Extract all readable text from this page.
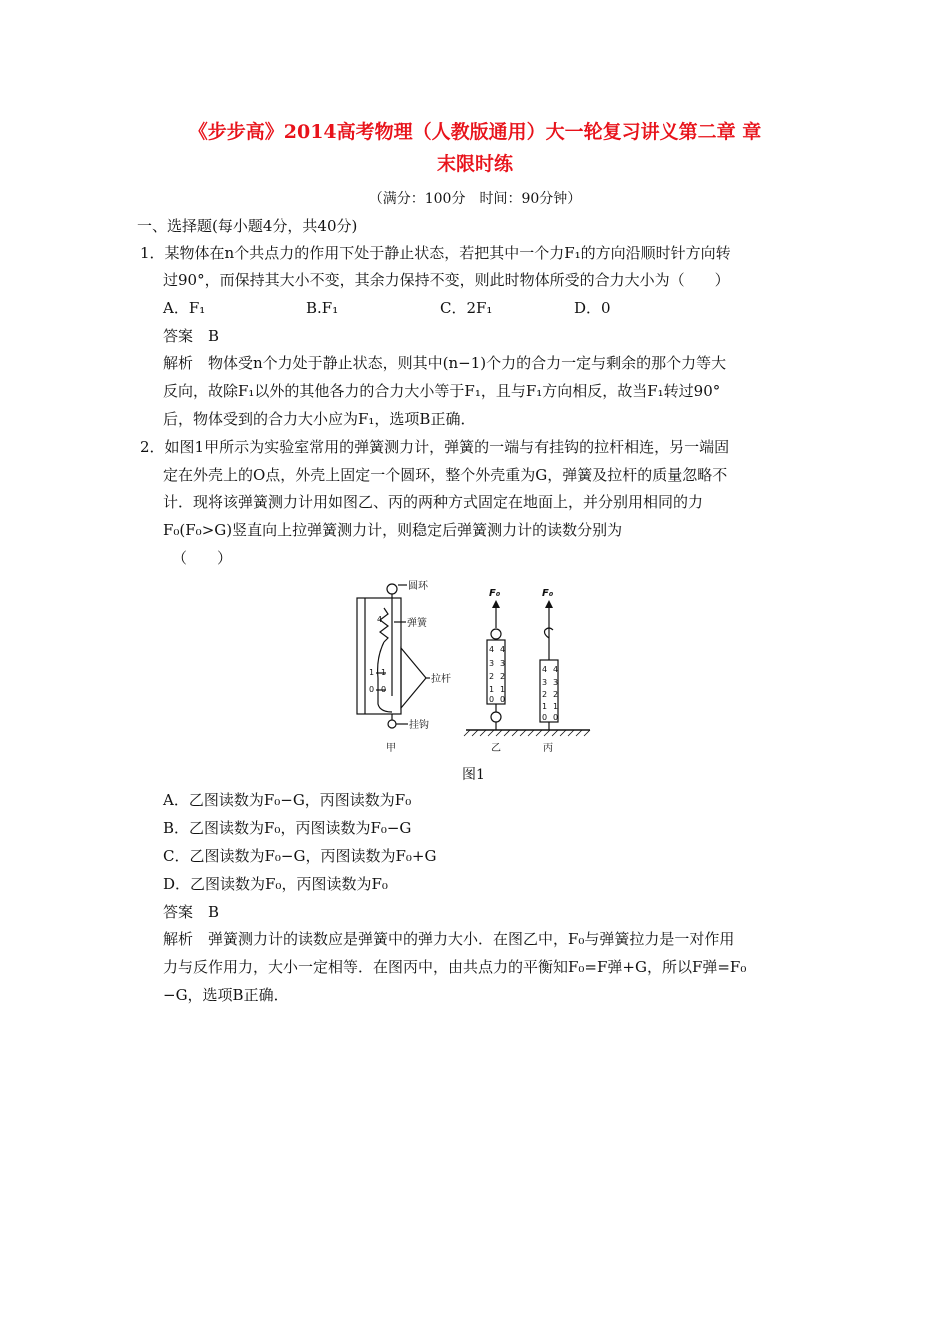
《步步高》2014高考物理（人教版通用）大一轮复习讲义第二章 章
末限时练
（满分：100分　时间：90分钟）
一、选择题(每小题4分，共40分)
1．某物体在n个共点力的作用下处于静止状态，若把其中一个力F₁的方向沿顺时针方向转
过90°，而保持其大小不变，其余力保持不变，则此时物体所受的合力大小为（　　）
A．F₁	B.F₁	C．2F₁	D．0
答案　B
解析　物体受n个力处于静止状态，则其中(n−1)个力的合力一定与剩余的那个力等大
反向，故除F₁以外的其他各力的合力大小等于F₁，且与F₁方向相反，故当F₁转过90°
后，物体受到的合力大小应为F₁，选项B正确．
2．如图1甲所示为实验室常用的弹簧测力计，弹簧的一端与有挂钩的拉杆相连，另一端固
定在外壳上的O点，外壳上固定一个圆环，整个外壳重为G，弹簧及拉杆的质量忽略不
计．现将该弹簧测力计用如图乙、丙的两种方式固定在地面上，并分别用相同的力
F₀(F₀>G)竖直向上拉弹簧测力计，则稳定后弹簧测力计的读数分别为
（　　）
4
1 1
0 0
4 4
3 3
2 2
1 1
0 0
4 4
3 3
2 2
1 1
0 0
圆环
弹簧
拉杆
挂钩
甲	乙	丙
F₀	F₀
图1
A．乙图读数为F₀−G，丙图读数为F₀
B．乙图读数为F₀，丙图读数为F₀−G
C．乙图读数为F₀−G，丙图读数为F₀+G
D．乙图读数为F₀，丙图读数为F₀
答案　B
解析　弹簧测力计的读数应是弹簧中的弹力大小．在图乙中，F₀与弹簧拉力是一对作用
力与反作用力，大小一定相等．在图丙中，由共点力的平衡知F₀=F弹+G，所以F弹=F₀
−G，选项B正确．
